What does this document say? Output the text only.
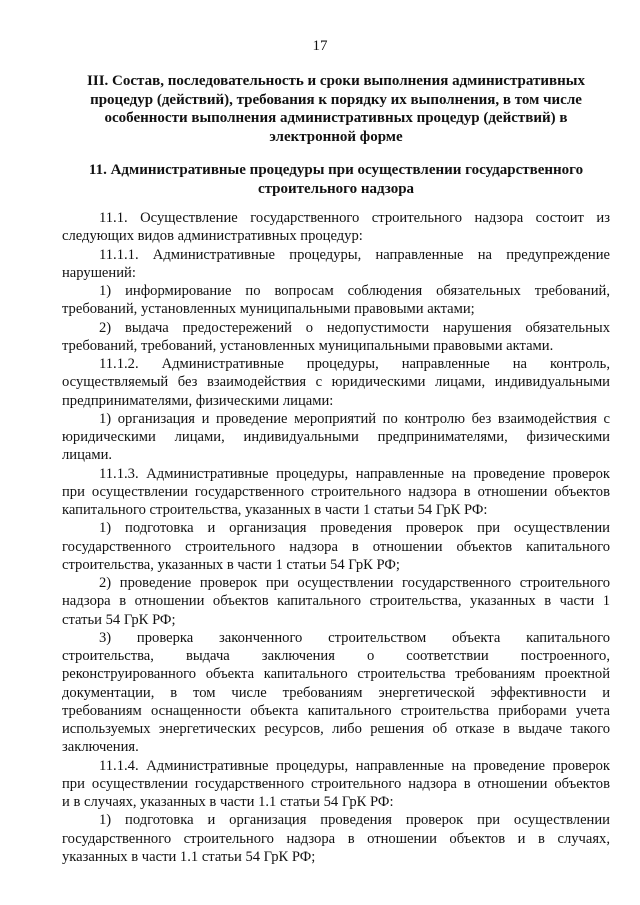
17
III. Состав, последовательность и сроки выполнения административных
процедур (действий), требования к порядку их выполнения, в том числе
особенности выполнения административных процедур (действий) в
электронной форме
11. Административные процедуры при осуществлении государственного
строительного надзора
11.1. Осуществление государственного строительного надзора состоит из
следующих видов административных процедур:
11.1.1. Административные процедуры, направленные на предупреждение
нарушений:
1) информирование по вопросам соблюдения обязательных требований,
требований, установленных муниципальными правовыми актами;
2) выдача предостережений о недопустимости нарушения обязательных
требований, требований, установленных муниципальными правовыми актами.
11.1.2. Административные процедуры, направленные на контроль,
осуществляемый без взаимодействия с юридическими лицами, индивидуальными
предпринимателями, физическими лицами:
1) организация и проведение мероприятий по контролю без взаимодействия с
юридическими лицами, индивидуальными предпринимателями, физическими
лицами.
11.1.3. Административные процедуры, направленные на проведение проверок
при осуществлении государственного строительного надзора в отношении объектов
капитального строительства, указанных в части 1 статьи 54 ГрК РФ:
1) подготовка и организация проведения проверок при осуществлении
государственного строительного надзора в отношении объектов капитального
строительства, указанных в части 1 статьи 54 ГрК РФ;
2) проведение проверок при осуществлении государственного строительного
надзора в отношении объектов капитального строительства, указанных в части 1
статьи 54 ГрК РФ;
3) проверка законченного строительством объекта капитального
строительства, выдача заключения о соответствии построенного,
реконструированного объекта капитального строительства требованиям проектной
документации, в том числе требованиям энергетической эффективности и
требованиям оснащенности объекта капитального строительства приборами учета
используемых энергетических ресурсов, либо решения об отказе в выдаче такого
заключения.
11.1.4. Административные процедуры, направленные на проведение проверок
при осуществлении государственного строительного надзора в отношении объектов
и в случаях, указанных в части 1.1 статьи 54 ГрК РФ:
1) подготовка и организация проведения проверок при осуществлении
государственного строительного надзора в отношении объектов и в случаях,
указанных в части 1.1 статьи 54 ГрК РФ;
